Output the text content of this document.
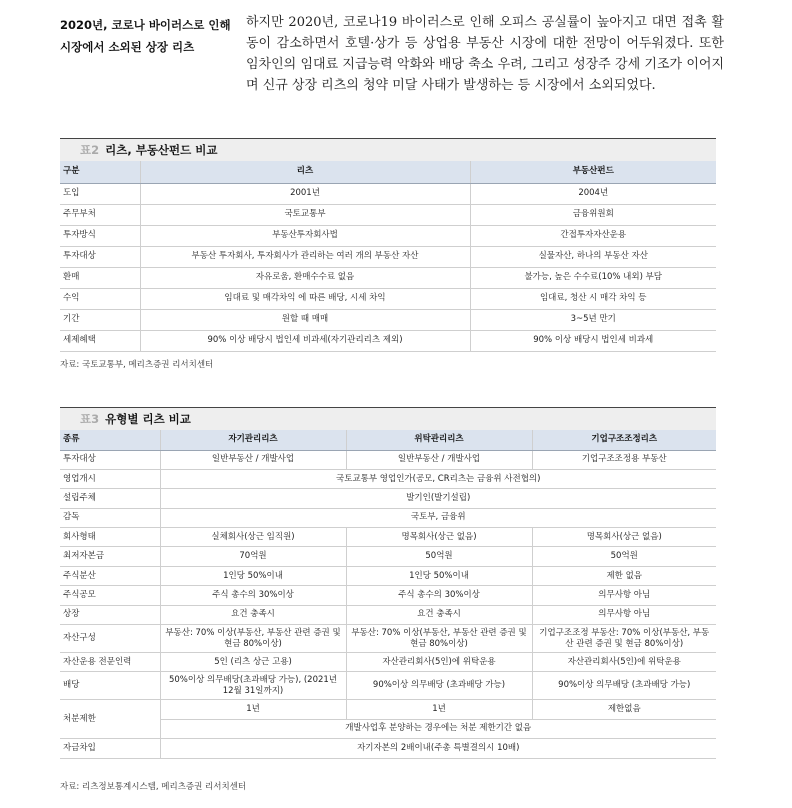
2020년, 코로나 바이러스로 인해
시장에서 소외된 상장 리츠
하지만 2020년, 코로나19 바이러스로 인해 오피스 공실률이 높아지고 대면 접촉 활동이 감소하면서 호텔·상가 등 상업용 부동산 시장에 대한 전망이 어두워졌다. 또한 임차인의 임대료 지급능력 악화와 배당 축소 우려, 그리고 성장주 강세 기조가 이어지며 신규 상장 리츠의 청약 미달 사태가 발생하는 등 시장에서 소외되었다.
표2 리츠, 부동산펀드 비교
구분	리츠	부동산펀드
도입	2001년	2004년
주무부처	국토교통부	금융위원회
투자방식	부동산투자회사법	간접투자자산운용
투자대상	부동산 투자회사, 투자회사가 관리하는 여러 개의 부동산 자산	실물자산, 하나의 부동산 자산
환매	자유로움, 환매수수료 없음	불가능, 높은 수수료(10% 내외) 부담
수익	임대료 및 매각차익 에 따른 배당, 시세 차익	임대료, 청산 시 매각 차익 등
기간	원할 때 매매	3~5년 만기
세제혜택	90% 이상 배당시 법인세 비과세(자기관리리츠 제외)	90% 이상 배당시 법인세 비과세
자료: 국토교통부, 메리츠증권 리서치센터
표3 유형별 리츠 비교
종류	자기관리리츠	위탁관리리츠	기업구조조정리츠
투자대상	일반부동산 / 개발사업	일반부동산 / 개발사업	기업구조조정용 부동산
영업개시	국토교통부 영업인가(공모, CR리츠는 금융위 사전협의)		
설립주체	발기인(발기설립)		
감독	국토부, 금융위		
회사형태	실체회사(상근 임직원)	명목회사(상근 없음)	명목회사(상근 없음)
최저자본금	70억원	50억원	50억원
주식분산	1인당 50%이내	1인당 50%이내	제한 없음
주식공모	주식 총수의 30%이상	주식 총수의 30%이상	의무사항 아님
상장	요건 충족시	요건 충족시	의무사항 아님
자산구성	부동산: 70% 이상(부동산, 부동산 관련 증권 및 현금 80%이상)	부동산: 70% 이상(부동산, 부동산 관련 증권 및 현금 80%이상)	기업구조조정 부동산: 70% 이상(부동산, 부동산 관련 증권 및 현금 80%이상)
자산운용 전문인력	5인 (리츠 상근 고용)	자산관리회사(5인)에 위탁운용	자산관리회사(5인)에 위탁운용
배당	50%이상 의무배당(초과배당 가능), (2021년 12월 31일까지)	90%이상 의무배당 (초과배당 가능)	90%이상 의무배당 (초과배당 가능)
처분제한	1년	1년	제한없음
	개발사업후 분양하는 경우에는 처분 제한기간 없음		
자금차입	자기자본의 2배이내(주총 특별결의시 10배)		
자료: 리츠정보통계시스템, 메리츠증권 리서치센터
